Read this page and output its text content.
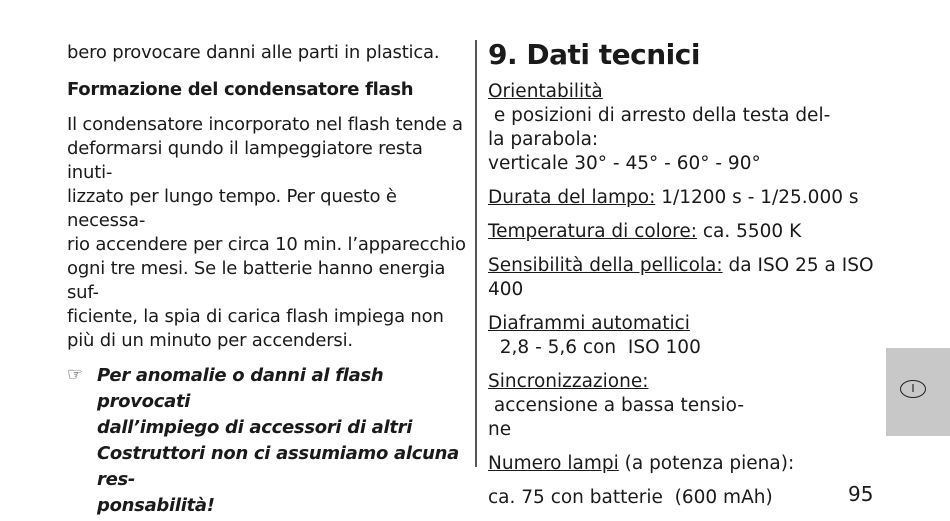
bero provocare danni alle parti in plastica.

Formazione del condensatore flash

Il condensatore incorporato nel flash tende a

deformarsi qundo il lampeggiatore resta inuti-

lizzato per lungo tempo. Per questo è necessa-

rio accendere per circa 10 min. l’apparecchio

ogni tre mesi. Se le batterie hanno energia suf-

ficiente, la spia di carica flash impiega non

più di un minuto per accendersi.

☞ Per anomalie o danni al flash provocati
dall’impiego di accessori di altri
Costruttori non ci assumiamo alcuna res-
ponsabilità!
9. Dati tecnici
Orientabilità e posizioni di arresto della testa del-
la parabola:
verticale 30° - 45° - 60° - 90°
Durata del lampo: 1/1200 s - 1/25.000 s
Temperatura di colore: ca. 5500 K
Sensibilità della pellicola: da ISO 25 a ISO
400
Diaframmi automatici  2,8 - 5,6 con  ISO 100
Sincronizzazione: accensione a bassa tensio-
ne
Numero lampi (a potenza piena):
ca. 75 con batterie  (600 mAh)
I
95
